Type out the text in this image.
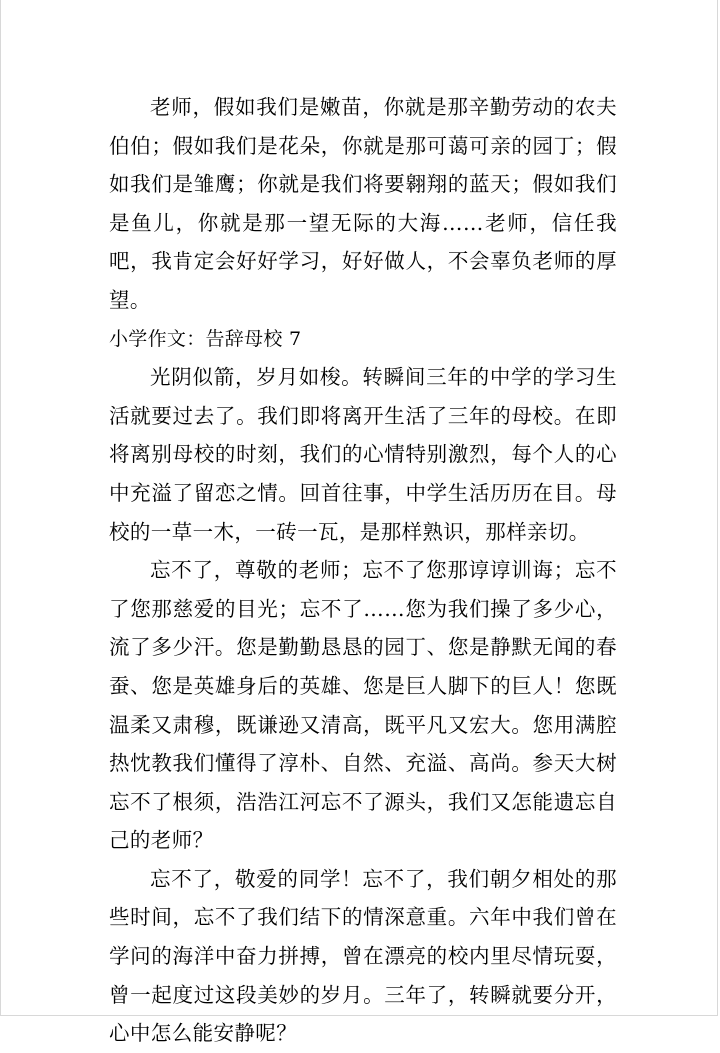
老师，假如我们是嫩苗，你就是那辛勤劳动的农夫伯伯；假如我们是花朵，你就是那可蔼可亲的园丁；假如我们是雏鹰；你就是我们将要翱翔的蓝天；假如我们是鱼儿，你就是那一望无际的大海……老师，信任我吧，我肯定会好好学习，好好做人，不会辜负老师的厚望。

小学作文：告辞母校 7

光阴似箭，岁月如梭。转瞬间三年的中学的学习生活就要过去了。我们即将离开生活了三年的母校。在即将离别母校的时刻，我们的心情特别激烈，每个人的心中充溢了留恋之情。回首往事，中学生活历历在目。母校的一草一木，一砖一瓦，是那样熟识，那样亲切。

忘不了，尊敬的老师；忘不了您那谆谆训诲；忘不了您那慈爱的目光；忘不了……您为我们操了多少心，流了多少汗。您是勤勤恳恳的园丁、您是静默无闻的春蚕、您是英雄身后的英雄、您是巨人脚下的巨人！您既温柔又肃穆，既谦逊又清高，既平凡又宏大。您用满腔热忱教我们懂得了淳朴、自然、充溢、高尚。参天大树忘不了根须，浩浩江河忘不了源头，我们又怎能遗忘自己的老师？

忘不了，敬爱的同学！忘不了，我们朝夕相处的那些时间，忘不了我们结下的情深意重。六年中我们曾在学问的海洋中奋力拼搏，曾在漂亮的校内里尽情玩耍，曾一起度过这段美妙的岁月。三年了，转瞬就要分开，心中怎么能安静呢？
